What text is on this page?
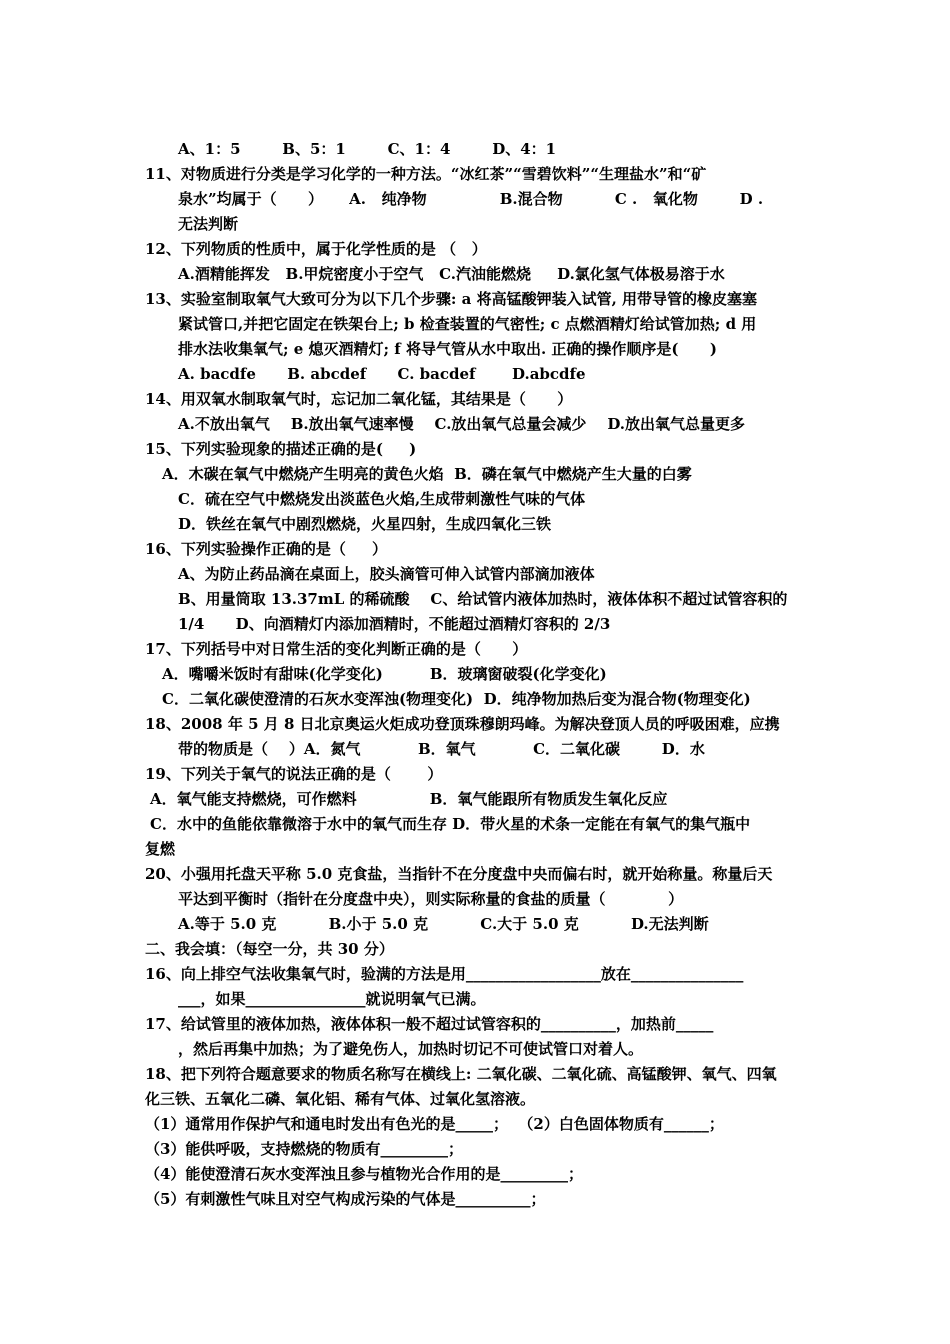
A、1：5        B、5：1        C、1：4        D、4：1
11、对物质进行分类是学习化学的一种方法。“冰红茶”“雪碧饮料”“生理盐水”和“矿
泉水”均属于（      ）     A.   纯净物              B.混合物          C .   氧化物        D .
无法判断
12、下列物质的性质中，属于化学性质的是 （   ）
A.酒精能挥发   B.甲烷密度小于空气   C.汽油能燃烧     D.氯化氢气体极易溶于水
13、实验室制取氧气大致可分为以下几个步骤: a 将高锰酸钾装入试管, 用带导管的橡皮塞塞
紧试管口,并把它固定在铁架台上; b 检查装置的气密性; c 点燃酒精灯给试管加热; d 用
排水法收集氧气; e 熄灭酒精灯; f 将导气管从水中取出. 正确的操作顺序是(      )
A. bacdfe      B. abcdef      C. bacdef       D.abcdfe
14、用双氧水制取氧气时，忘记加二氧化锰，其结果是（      ）
A.不放出氧气    B.放出氧气速率慢    C.放出氧气总量会减少    D.放出氧气总量更多
15、下列实验现象的描述正确的是(     )
A．木碳在氧气中燃烧产生明亮的黄色火焰  B．磷在氧气中燃烧产生大量的白雾
C．硫在空气中燃烧发出淡蓝色火焰,生成带刺激性气味的气体
D．铁丝在氧气中剧烈燃烧，火星四射，生成四氧化三铁
16、下列实验操作正确的是（     ）
A、为防止药品滴在桌面上，胶头滴管可伸入试管内部滴加液体
B、用量筒取 13.37mL 的稀硫酸    C、给试管内液体加热时，液体体积不超过试管容积的
1/4      D、向酒精灯内添加酒精时，不能超过酒精灯容积的 2/3
17、下列括号中对日常生活的变化判断正确的是（      ）
A．嘴嚼米饭时有甜味(化学变化)         B．玻璃窗破裂(化学变化)
C．二氧化碳使澄清的石灰水变浑浊(物理变化)  D．纯净物加热后变为混合物(物理变化)
18、2008 年 5 月 8 日北京奥运火炬成功登顶珠穆朗玛峰。为解决登顶人员的呼吸困难，应携
带的物质是（    ）A．氮气           B．氧气           C．二氧化碳        D．水
19、下列关于氧气的说法正确的是（       ）
A．氧气能支持燃烧，可作燃料              B．氧气能跟所有物质发生氧化反应
C．水中的鱼能依靠微溶于水中的氧气而生存 D．带火星的术条一定能在有氧气的集气瓶中
复燃
20、小强用托盘天平称 5.0 克食盐，当指针不在分度盘中央而偏右时，就开始称量。称量后天
平达到平衡时（指针在分度盘中央），则实际称量的食盐的质量（            ）
A.等于 5.0 克          B.小于 5.0 克          C.大于 5.0 克          D.无法判断
二、我会填：（每空一分，共 30 分）
16、向上排空气法收集氧气时，验满的方法是用__________________放在_______________
___，如果________________就说明氧气已满。
17、给试管里的液体加热，液体体积一般不超过试管容积的__________，加热前_____
，然后再集中加热；为了避免伤人，加热时切记不可使试管口对着人。
18、把下列符合题意要求的物质名称写在横线上: 二氧化碳、二氧化硫、高锰酸钾、氧气、四氧
化三铁、五氧化二磷、氧化铝、稀有气体、过氧化氢溶液。
（1）通常用作保护气和通电时发出有色光的是_____；  （2）白色固体物质有______；
（3）能供呼吸，支持燃烧的物质有_________；
（4）能使澄清石灰水变浑浊且参与植物光合作用的是_________；
（5）有刺激性气味且对空气构成污染的气体是__________；
